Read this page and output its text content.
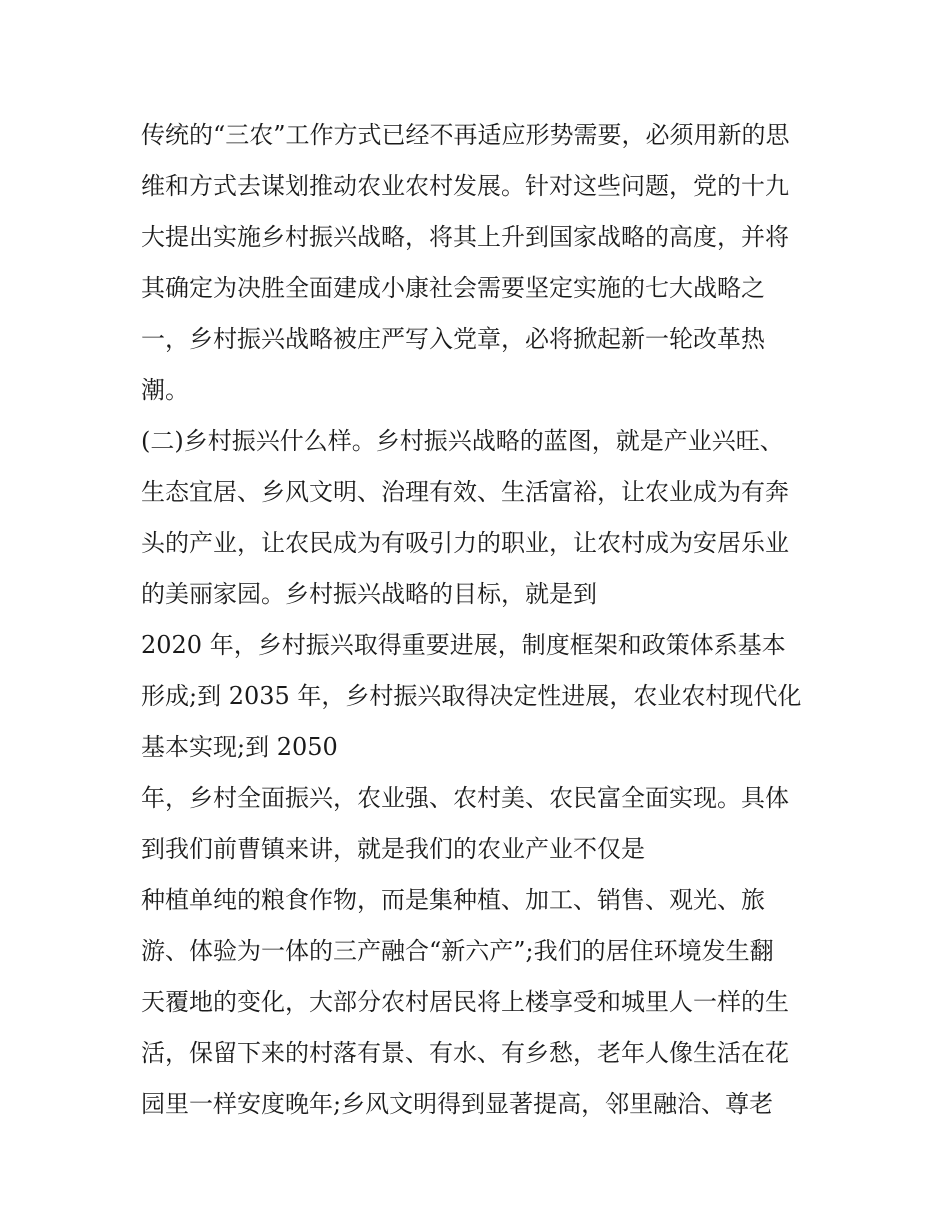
传统的“三农”工作方式已经不再适应形势需要，必须用新的思
维和方式去谋划推动农业农村发展。针对这些问题，党的十九
大提出实施乡村振兴战略，将其上升到国家战略的高度，并将
其确定为决胜全面建成小康社会需要坚定实施的七大战略之
一，乡村振兴战略被庄严写入党章，必将掀起新一轮改革热
潮。
(二)乡村振兴什么样。乡村振兴战略的蓝图，就是产业兴旺、
生态宜居、乡风文明、治理有效、生活富裕，让农业成为有奔
头的产业，让农民成为有吸引力的职业，让农村成为安居乐业
的美丽家园。乡村振兴战略的目标，就是到
2020 年，乡村振兴取得重要进展，制度框架和政策体系基本
形成;到 2035 年，乡村振兴取得决定性进展，农业农村现代化
基本实现;到 2050
年，乡村全面振兴，农业强、农村美、农民富全面实现。具体
到我们前曹镇来讲，就是我们的农业产业不仅是
种植单纯的粮食作物，而是集种植、加工、销售、观光、旅
游、体验为一体的三产融合“新六产”;我们的居住环境发生翻
天覆地的变化，大部分农村居民将上楼享受和城里人一样的生
活，保留下来的村落有景、有水、有乡愁，老年人像生活在花
园里一样安度晚年;乡风文明得到显著提高，邻里融洽、尊老
